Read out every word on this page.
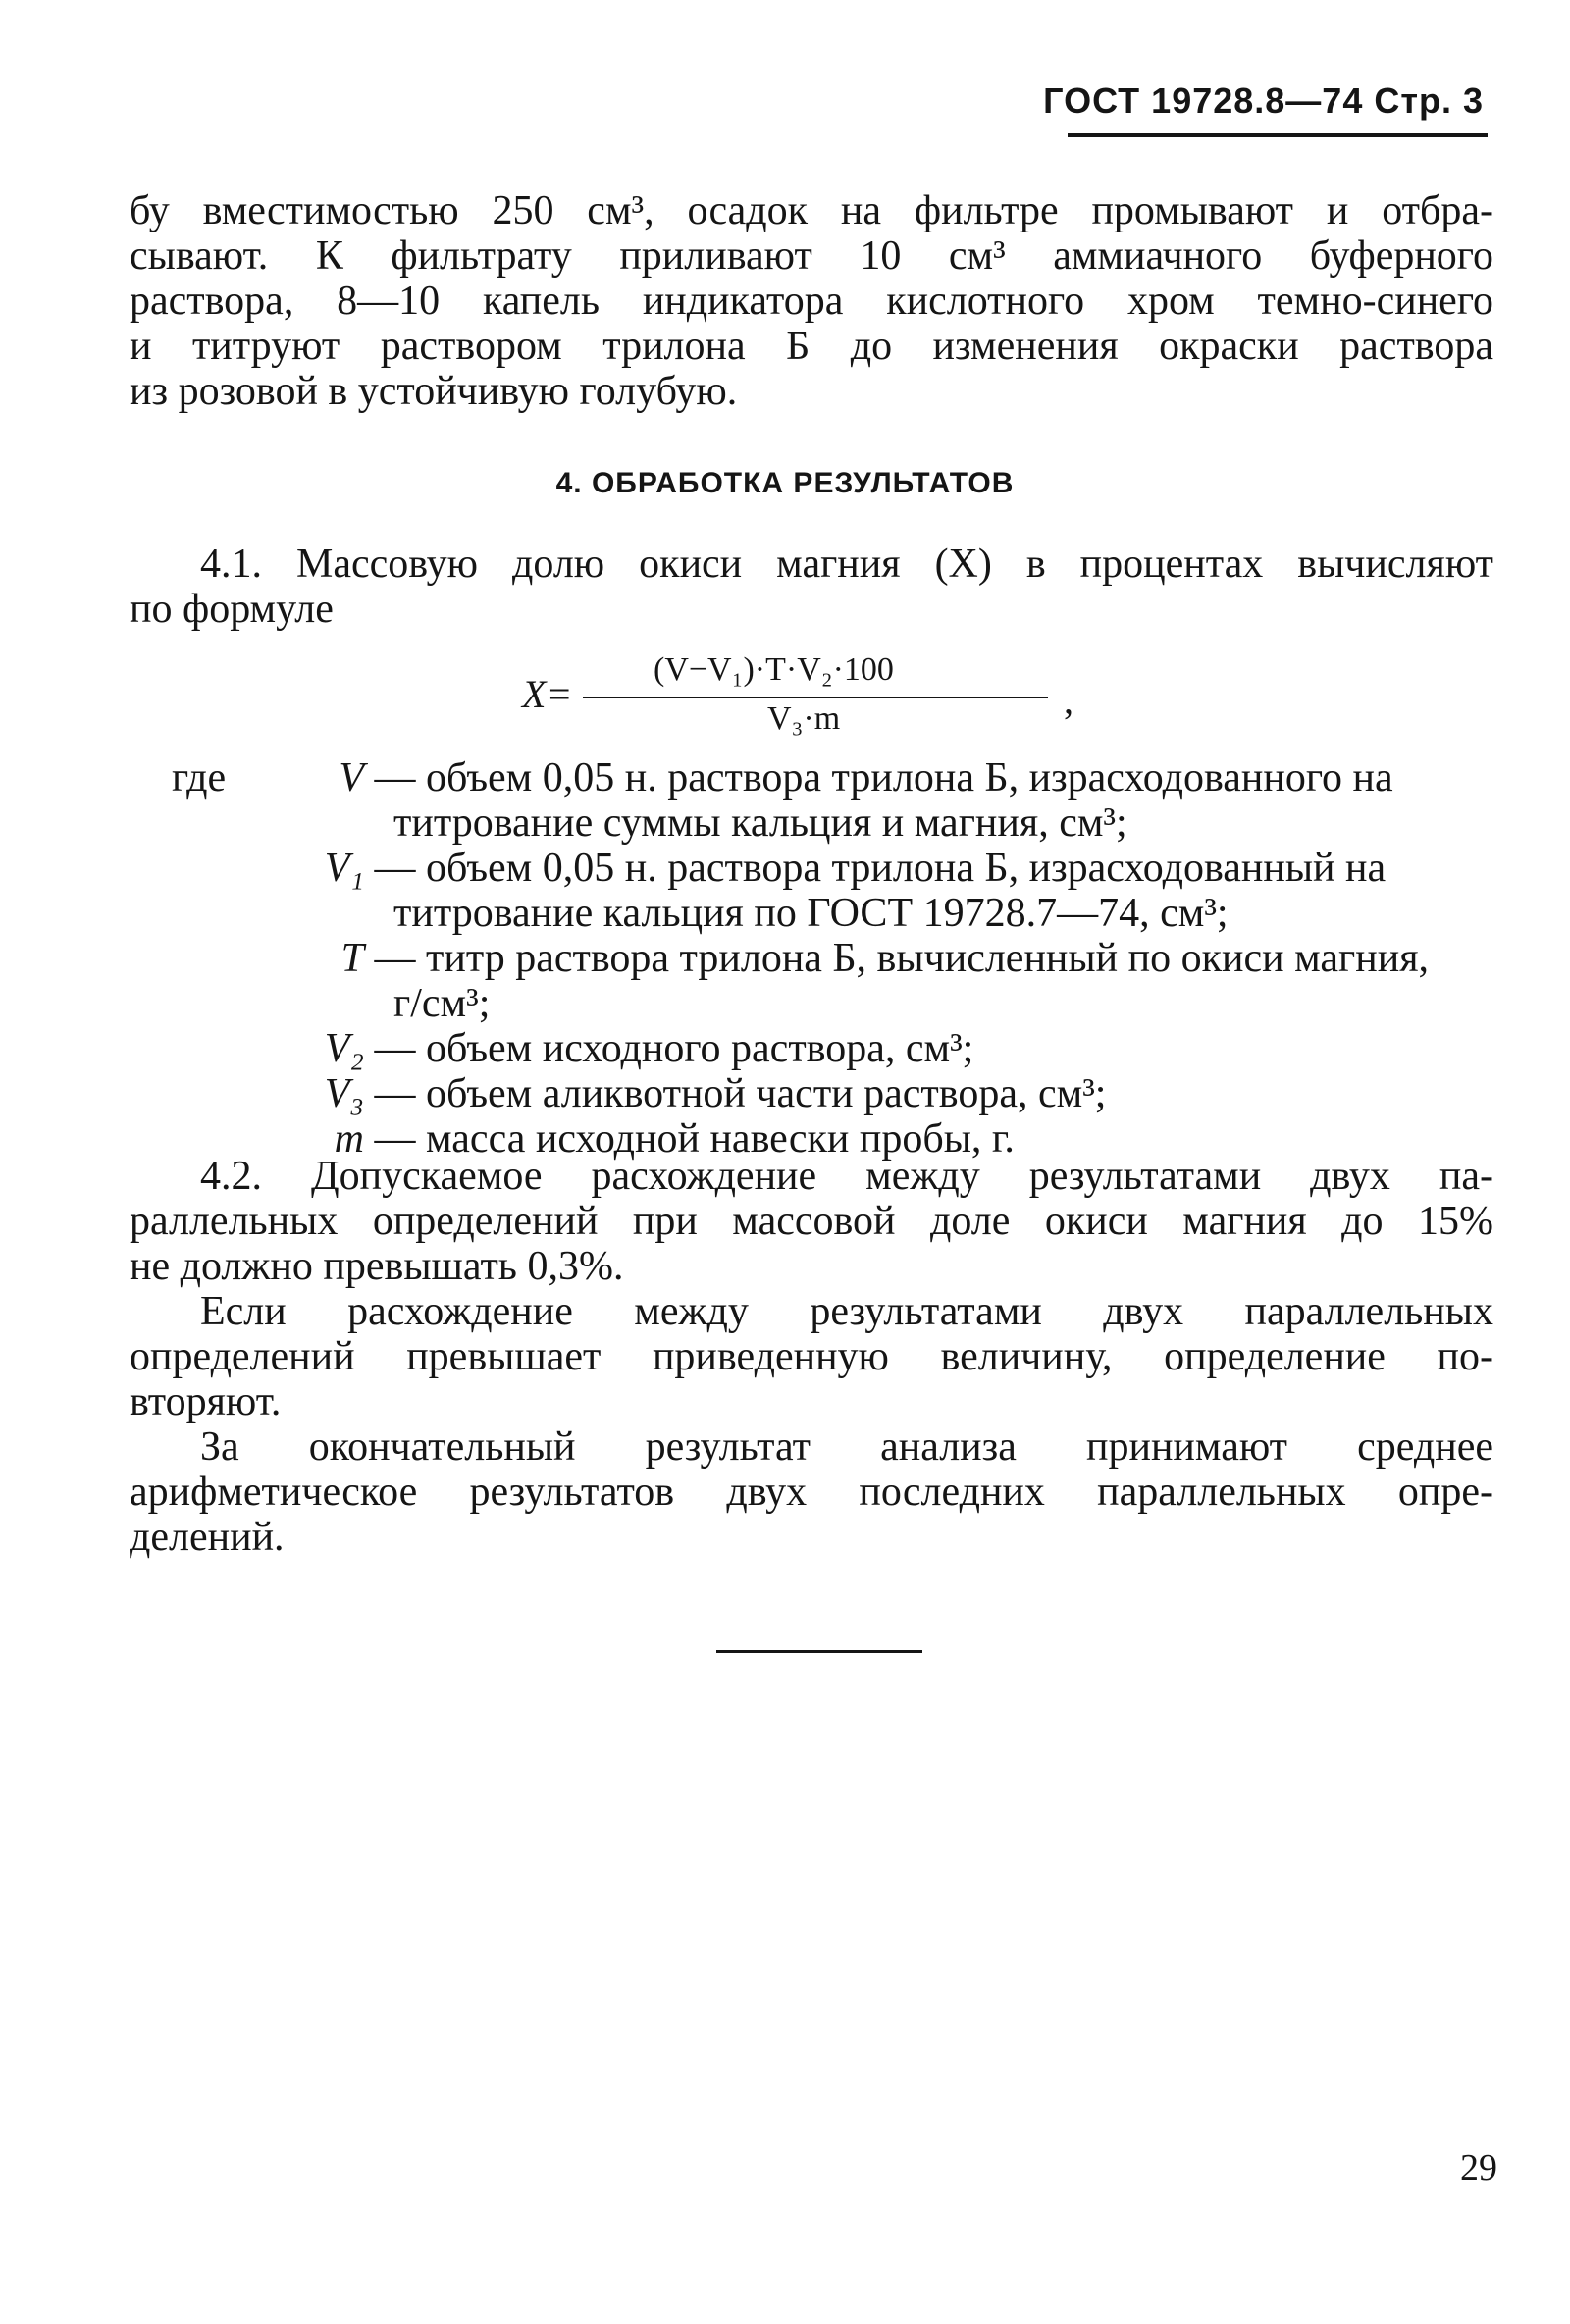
ГОСТ 19728.8—74 Стр. 3
бу вместимостью 250 см³, осадок на фильтре промывают и отбра-
сывают. К фильтрату приливают 10 см³ аммиачного буферного
раствора, 8—10 капель индикатора кислотного хром темно-синего
и титруют раствором трилона Б до изменения окраски раствора
из розовой в устойчивую голубую.
4. ОБРАБОТКА РЕЗУЛЬТАТОВ
4.1. Массовую долю окиси магния (X) в процентах вычисляют
по формуле
X=
(V−V₁)·T·V₂·100
V₃·m	,
где	V — объем 0,05 н. раствора трилона Б, израсходованного на
титрование суммы кальция и магния, см³;
V₁ — объем 0,05 н. раствора трилона Б, израсходованный на
титрование кальция по ГОСТ 19728.7—74, см³;
T — титр раствора трилона Б, вычисленный по окиси магния,
г/см³;
V₂ — объем исходного раствора, см³;
V₃ — объем аликвотной части раствора, см³;
m — масса исходной навески пробы, г.
4.2. Допускаемое расхождение между результатами двух па-
раллельных определений при массовой доле окиси магния до 15%
не должно превышать 0,3%.
Если расхождение между результатами двух параллельных
определений превышает приведенную величину, определение по-
вторяют.
За окончательный результат анализа принимают среднее
арифметическое результатов двух последних параллельных опре-
делений.
29
